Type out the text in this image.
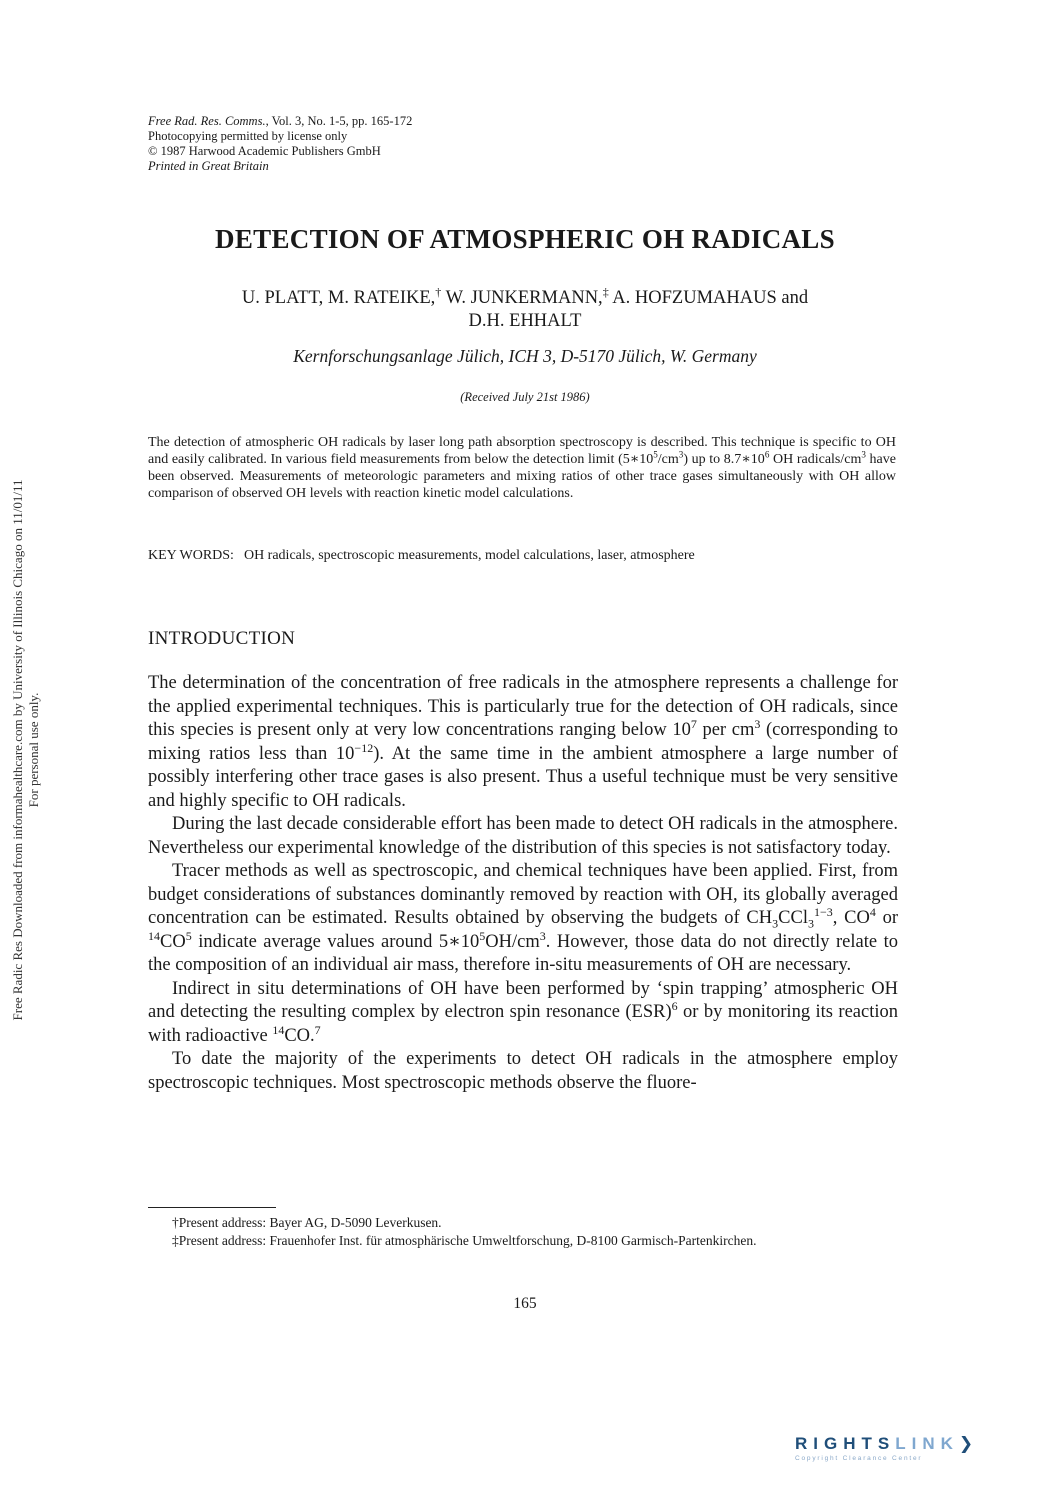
Free Rad. Res. Comms., Vol. 3, No. 1-5, pp. 165-172
Photocopying permitted by license only
© 1987 Harwood Academic Publishers GmbH
Printed in Great Britain
DETECTION OF ATMOSPHERIC OH RADICALS
U. PLATT, M. RATEIKE,† W. JUNKERMANN,‡ A. HOFZUMAHAUS and
D.H. EHHALT
Kernforschungsanlage Jülich, ICH 3, D-5170 Jülich, W. Germany
(Received July 21st 1986)
The detection of atmospheric OH radicals by laser long path absorption spectroscopy is described. This technique is specific to OH and easily calibrated. In various field measurements from below the detection limit $(5∗10^5/cm^3)$ up to $8.7∗10^6$ OH radicals/$cm^3$ have been observed. Measurements of meteorologic parameters and mixing ratios of other trace gases simultaneously with OH allow comparison of observed OH levels with reaction kinetic model calculations.
KEY WORDS: OH radicals, spectroscopic measurements, model calculations, laser, atmosphere
INTRODUCTION

The determination of the concentration of free radicals in the atmosphere represents a challenge for the applied experimental techniques. This is particularly true for the detection of OH radicals, since this species is present only at very low concentrations ranging below $10^7$ per $cm^3$ (corresponding to mixing ratios less than $10^{-12}$). At the same time in the ambient atmosphere a large number of possibly interfering other trace gases is also present. Thus a useful technique must be very sensitive and highly specific to OH radicals.

During the last decade considerable effort has been made to detect OH radicals in the atmosphere. Nevertheless our experimental knowledge of the distribution of this species is not satisfactory today.

Tracer methods as well as spectroscopic, and chemical techniques have been applied. First, from budget considerations of substances dominantly removed by reaction with OH, its globally averaged concentration can be estimated. Results obtained by observing the budgets of $CH_3CCl_3^{1-3}$, $CO^4$ or $^{14}CO^5$ indicate average values around $5∗10^5OH/cm^3$. However, those data do not directly relate to the composition of an individual air mass, therefore in-situ measurements of OH are necessary.

Indirect in situ determinations of OH have been performed by ‘spin trapping’ atmospheric OH and detecting the resulting complex by electron spin resonance (ESR)$^6$ or by monitoring its reaction with radioactive $^{14}$CO.$^7$

To date the majority of the experiments to detect OH radicals in the atmosphere employ spectroscopic techniques. Most spectroscopic methods observe the fluore-

†Present address: Bayer AG, D-5090 Leverkusen.

‡Present address: Frauenhofer Inst. für atmosphärische Umweltforschung, D-8100 Garmisch-Partenkirchen.

165
Free Radic Res Downloaded from informahealthcare.com by University of Illinois Chicago on 11/01/11 For personal use only.
RIGHTSLINK❯
Copyright Clearance Center
